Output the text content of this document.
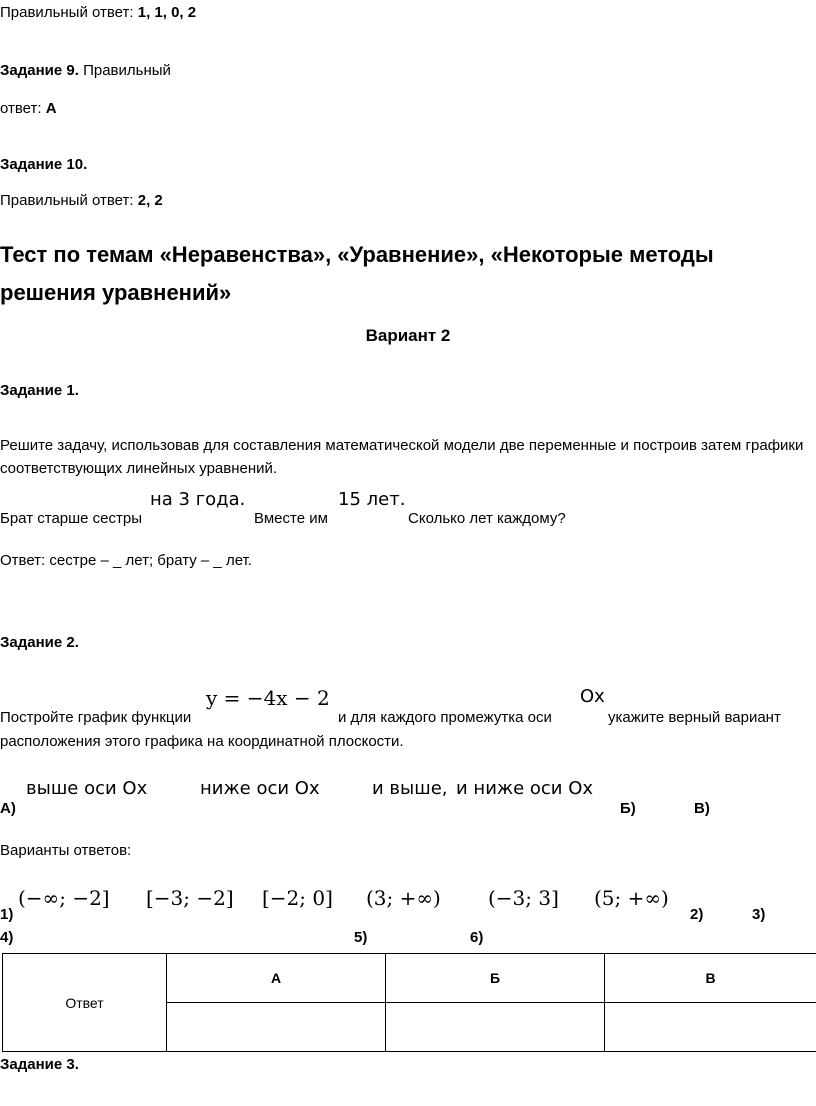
Правильный ответ: 1, 1, 0, 2
Задание 9. Правильный
ответ: А
Задание 10.
Правильный ответ: 2, 2
Тест по темам «Неравенства», «Уравнение», «Некоторые методы решения уравнений»
Вариант 2
Задание 1.
Решите задачу, использовав для составления математической модели две переменные и построив затем графики соответствующих линейных уравнений.
Брат старше сестры
на 3 года.
Вместе им
15 лет.
Сколько лет каждому?
Ответ: сестре – _ лет; брату – _ лет.
Задание 2.
Постройте график функции
y = −4x − 2
и для каждого промежутка оси
Ox
укажите верный вариант
расположения этого графика на координатной плоскости.
выше оси Ox	ниже оси Ox	и выше, и ниже оси Ox
А)	Б)	В)
Варианты ответов:
(−∞; −2] [−3; −2] [−2; 0] (3; +∞) (−3; 3] (5; +∞)
1)	2)	3)
4)	5)	6)
Ответ	А	Б	В

Задание 3.
